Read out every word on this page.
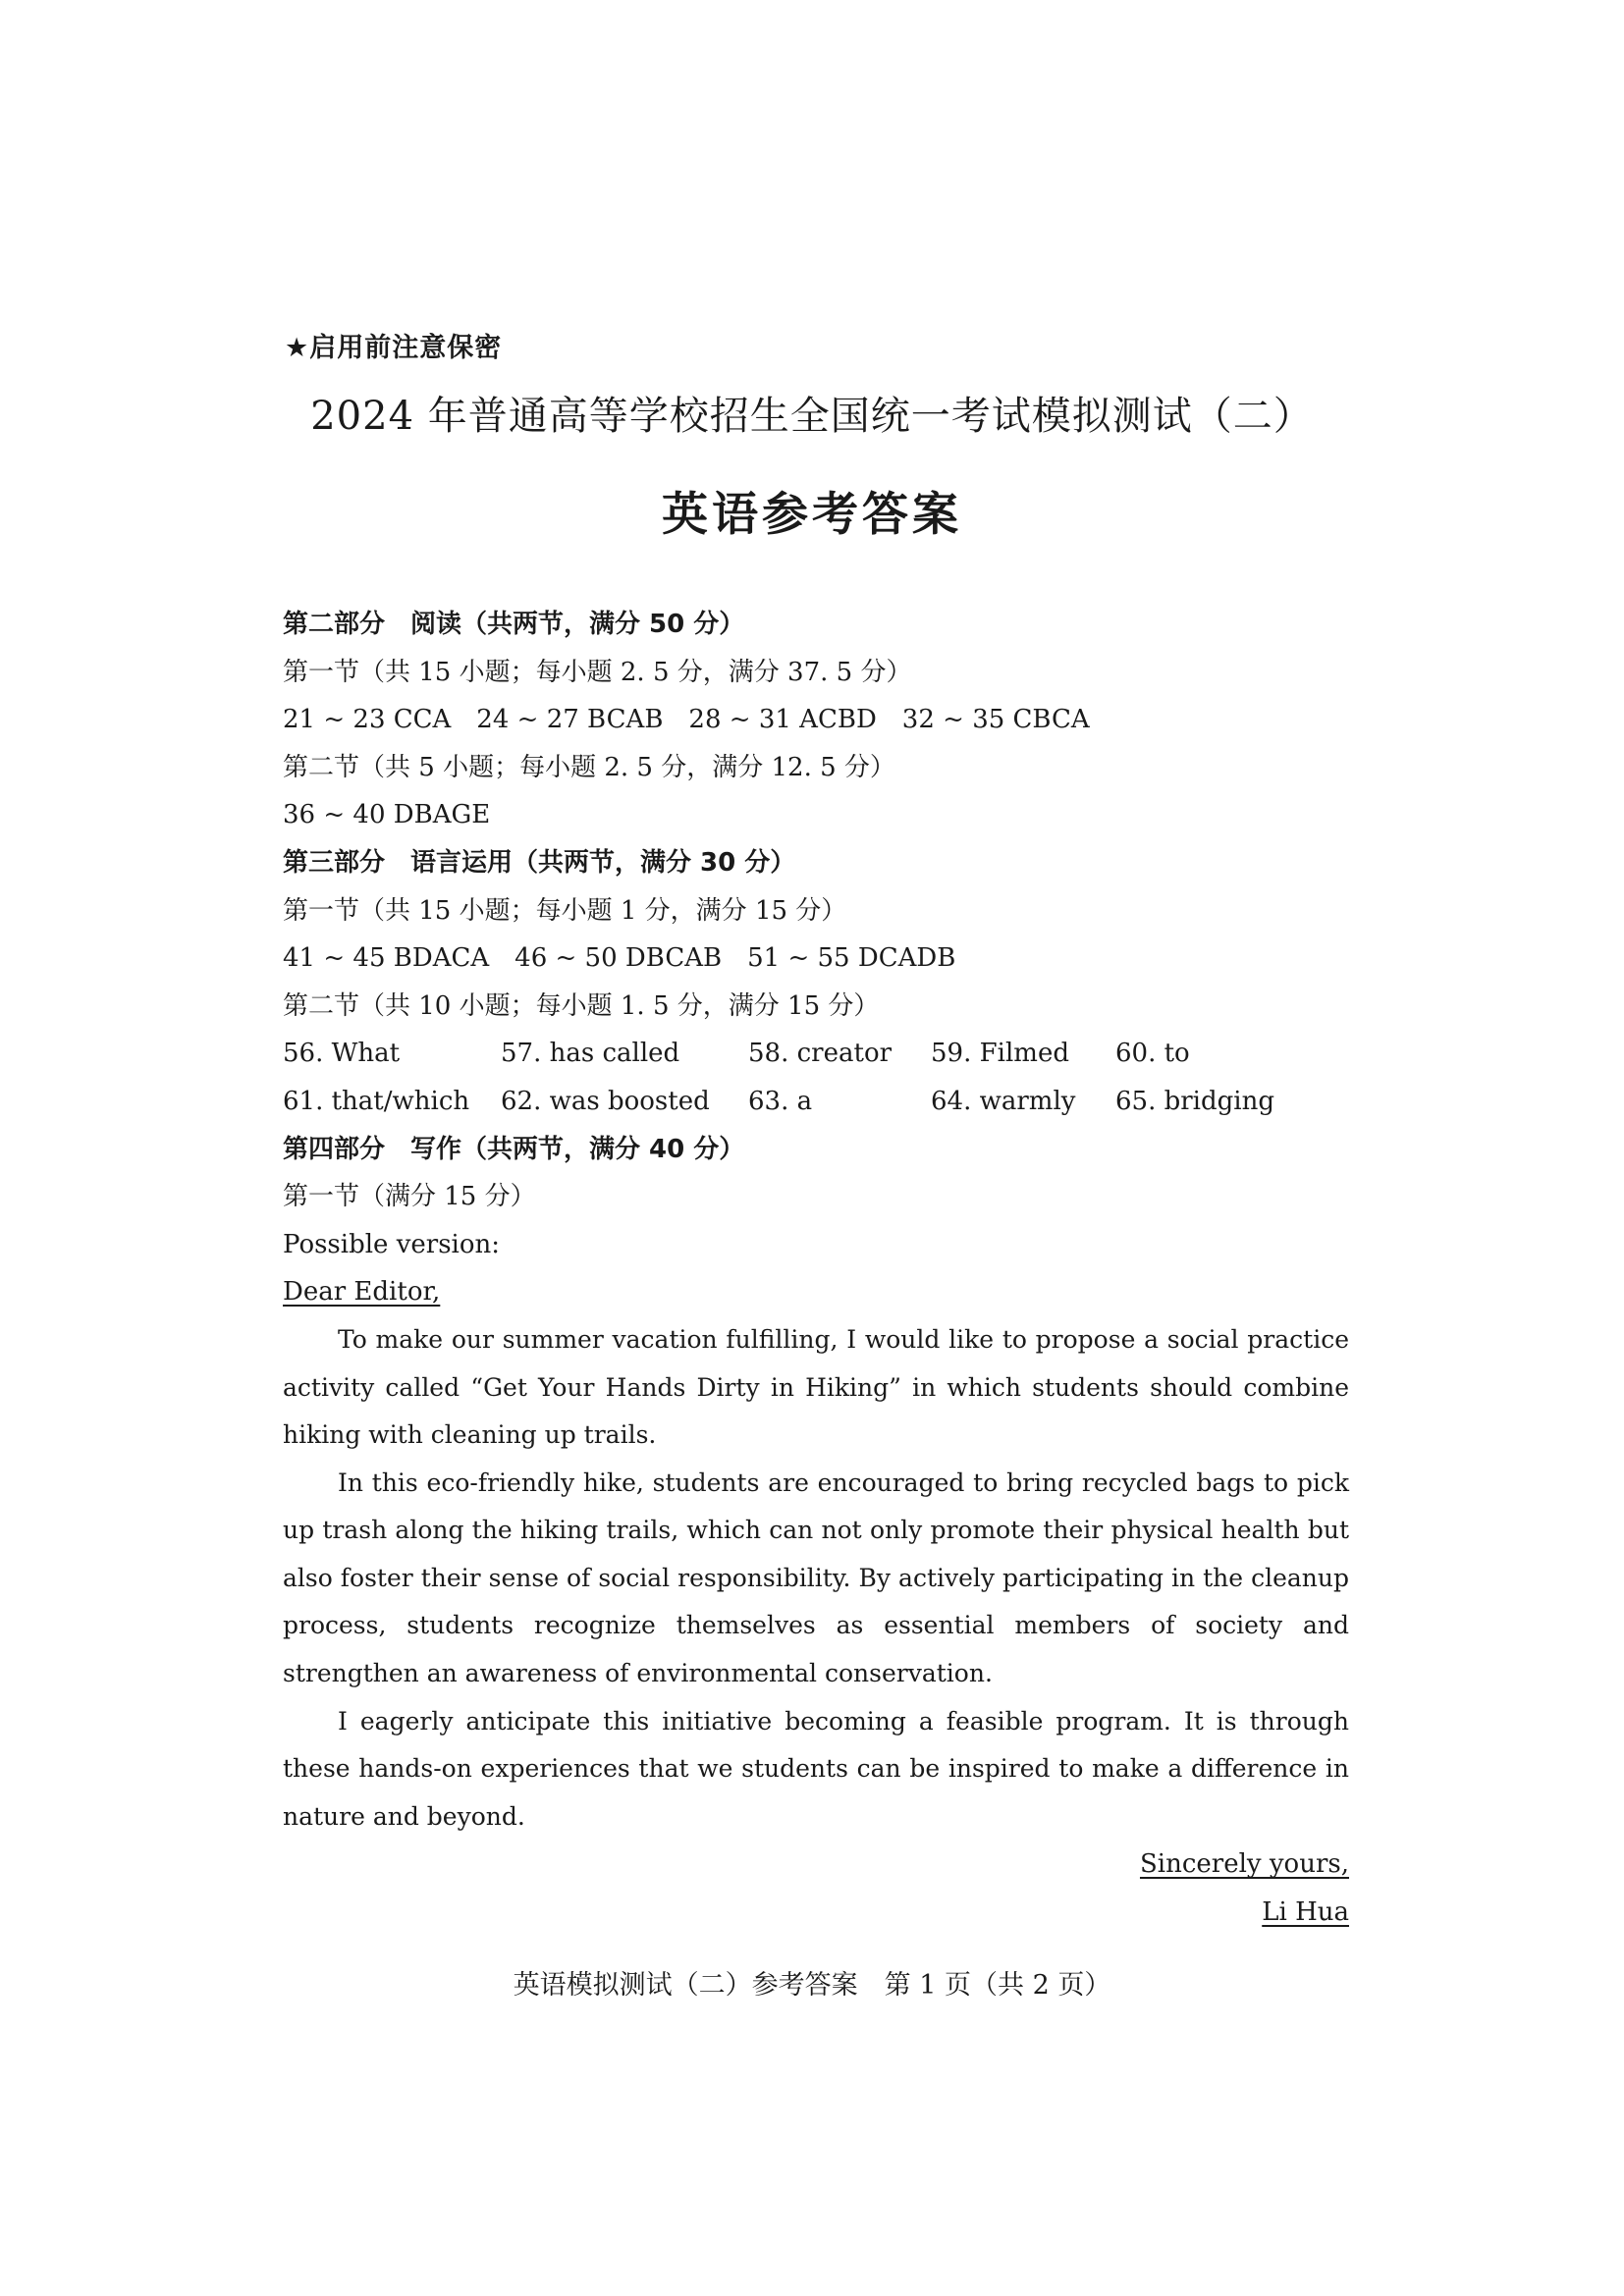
★启用前注意保密
2024 年普通高等学校招生全国统一考试模拟测试（二）
英语参考答案
第二部分　阅读（共两节，满分 50 分）
第一节（共 15 小题；每小题 2. 5 分，满分 37. 5 分）
21 ~ 23 CCA　24 ~ 27 BCAB　28 ~ 31 ACBD　32 ~ 35 CBCA
第二节（共 5 小题；每小题 2. 5 分，满分 12. 5 分）
36 ~ 40 DBAGE
第三部分　语言运用（共两节，满分 30 分）
第一节（共 15 小题；每小题 1 分，满分 15 分）
41 ~ 45 BDACA　46 ~ 50 DBCAB　51 ~ 55 DCADB
第二节（共 10 小题；每小题 1. 5 分，满分 15 分）
56. What	57. has called	58. creator 59. Filmed 60. to
61. that/which 62. was boosted 63. a	64. warmly 65. bridging
第四部分　写作（共两节，满分 40 分）
第一节（满分 15 分）
Possible version:
Dear Editor,

To make our summer vacation fulfilling, I would like to propose a social practice activity called “Get Your Hands Dirty in Hiking” in which students should combine hiking with cleaning up trails.

In this eco-friendly hike, students are encouraged to bring recycled bags to pick up trash along the hiking trails, which can not only promote their physical health but also foster their sense of social responsibility. By actively participating in the cleanup process, students recognize themselves as essential members of society and strengthen an awareness of environmental conservation.

I eagerly anticipate this initiative becoming a feasible program. It is through these hands-on experiences that we students can be inspired to make a difference in nature and beyond.

Sincerely yours,
Li Hua
英语模拟测试（二）参考答案　第 1 页（共 2 页）
